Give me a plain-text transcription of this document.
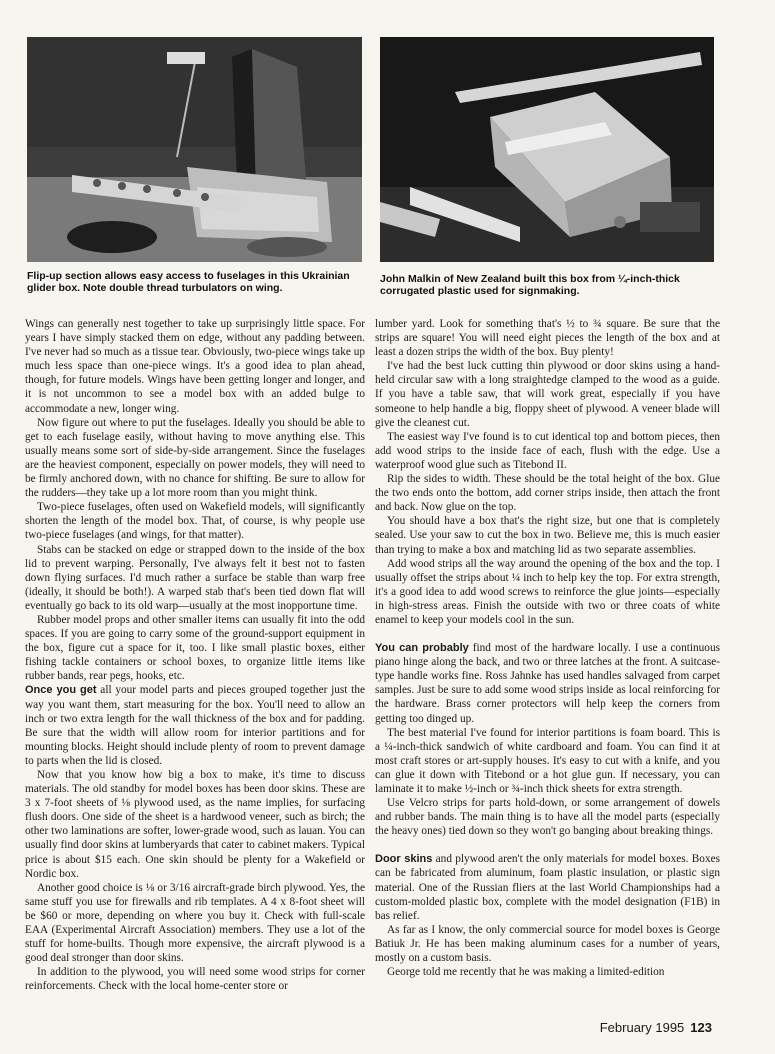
Flip-up section allows easy access to fuselages in this Ukrainian glider box. Note double thread turbulators on wing.
John Malkin of New Zealand built this box from ¼-inch-thick corrugated plastic used for signmaking.

Wings can generally nest together to take up surprisingly little space. For years I have simply stacked them on edge, without any padding between. I've never had so much as a tissue tear. Obviously, two-piece wings take up much less space than one-piece wings. It's a good idea to plan ahead, though, for future models. Wings have been getting longer and longer, and it is not uncommon to see a model box with an added bulge to accommodate a new, longer wing.

Now figure out where to put the fuselages. Ideally you should be able to get to each fuselage easily, without having to move anything else. This usually means some sort of side-by-side arrangement. Since the fuselages are the heaviest component, especially on power models, they will need to be firmly anchored down, with no chance for shifting. Be sure to allow for the rudders—they take up a lot more room than you might think.

Two-piece fuselages, often used on Wakefield models, will significantly shorten the length of the model box. That, of course, is why people use two-piece fuselages (and wings, for that matter).

Stabs can be stacked on edge or strapped down to the inside of the box lid to prevent warping. Personally, I've always felt it best not to fasten down flying surfaces. I'd much rather a surface be stable than warp free (ideally, it should be both!). A warped stab that's been tied down flat will eventually go back to its old warp—usually at the most inopportune time.

Rubber model props and other smaller items can usually fit into the odd spaces. If you are going to carry some of the ground-support equipment in the box, figure cut a space for it, too. I like small plastic boxes, either fishing tackle containers or school boxes, to organize little items like rubber bands, rear pegs, hooks, etc.

Once you get all your model parts and pieces grouped together just the way you want them, start measuring for the box. You'll need to allow an inch or two extra length for the wall thickness of the box and for padding. Be sure that the width will allow room for interior partitions and for mounting blocks. Height should include plenty of room to prevent damage to parts when the lid is closed.

Now that you know how big a box to make, it's time to discuss materials. The old standby for model boxes has been door skins. These are 3 x 7-foot sheets of ⅛ plywood used, as the name implies, for surfacing flush doors. One side of the sheet is a hardwood veneer, such as birch; the other two laminations are softer, lower-grade wood, such as lauan. You can usually find door skins at lumberyards that cater to cabinet makers. Typical price is about $15 each. One skin should be plenty for a Wakefield or Nordic box.

Another good choice is ⅛ or 3/16 aircraft-grade birch plywood. Yes, the same stuff you use for firewalls and rib templates. A 4 x 8-foot sheet will be $60 or more, depending on where you buy it. Check with full-scale EAA (Experimental Aircraft Association) members. They use a lot of the stuff for home-builts. Though more expensive, the aircraft plywood is a good deal stronger than door skins.

In addition to the plywood, you will need some wood strips for corner reinforcements. Check with the local home-center store or

lumber yard. Look for something that's ½ to ¾ square. Be sure that the strips are square! You will need eight pieces the length of the box and at least a dozen strips the width of the box. Buy plenty!

I've had the best luck cutting thin plywood or door skins using a hand-held circular saw with a long straightedge clamped to the wood as a guide. If you have a table saw, that will work great, especially if you have someone to help handle a big, floppy sheet of plywood. A veneer blade will give the cleanest cut.

The easiest way I've found is to cut identical top and bottom pieces, then add wood strips to the inside face of each, flush with the edge. Use a waterproof wood glue such as Titebond II.

Rip the sides to width. These should be the total height of the box. Glue the two ends onto the bottom, add corner strips inside, then attach the front and back. Now glue on the top.

You should have a box that's the right size, but one that is completely sealed. Use your saw to cut the box in two. Believe me, this is much easier than trying to make a box and matching lid as two separate assemblies.

Add wood strips all the way around the opening of the box and the top. I usually offset the strips about ¼ inch to help key the top. For extra strength, it's a good idea to add wood screws to reinforce the glue joints—especially in high-stress areas. Finish the outside with two or three coats of white enamel to keep your models cool in the sun.

You can probably find most of the hardware locally. I use a continuous piano hinge along the back, and two or three latches at the front. A suitcase-type handle works fine. Ross Jahnke has used handles salvaged from carpet samples. Just be sure to add some wood strips inside as local reinforcing for the hardware. Brass corner protectors will help keep the corners from getting too dinged up.

The best material I've found for interior partitions is foam board. This is a ¼-inch-thick sandwich of white cardboard and foam. You can find it at most craft stores or art-supply houses. It's easy to cut with a knife, and you can glue it down with Titebond or a hot glue gun. If necessary, you can laminate it to make ½-inch or ¾-inch thick sheets for extra strength.

Use Velcro strips for parts hold-down, or some arrangement of dowels and rubber bands. The main thing is to have all the model parts (especially the heavy ones) tied down so they won't go banging about breaking things.

Door skins and plywood aren't the only materials for model boxes. Boxes can be fabricated from aluminum, foam plastic insulation, or plastic sign material. One of the Russian fliers at the last World Championships had a custom-molded plastic box, complete with the model designation (F1B) in bas relief.

As far as I know, the only commercial source for model boxes is George Batiuk Jr. He has been making aluminum cases for a number of years, mostly on a custom basis.

George told me recently that he was making a limited-edition

February 1995 123
